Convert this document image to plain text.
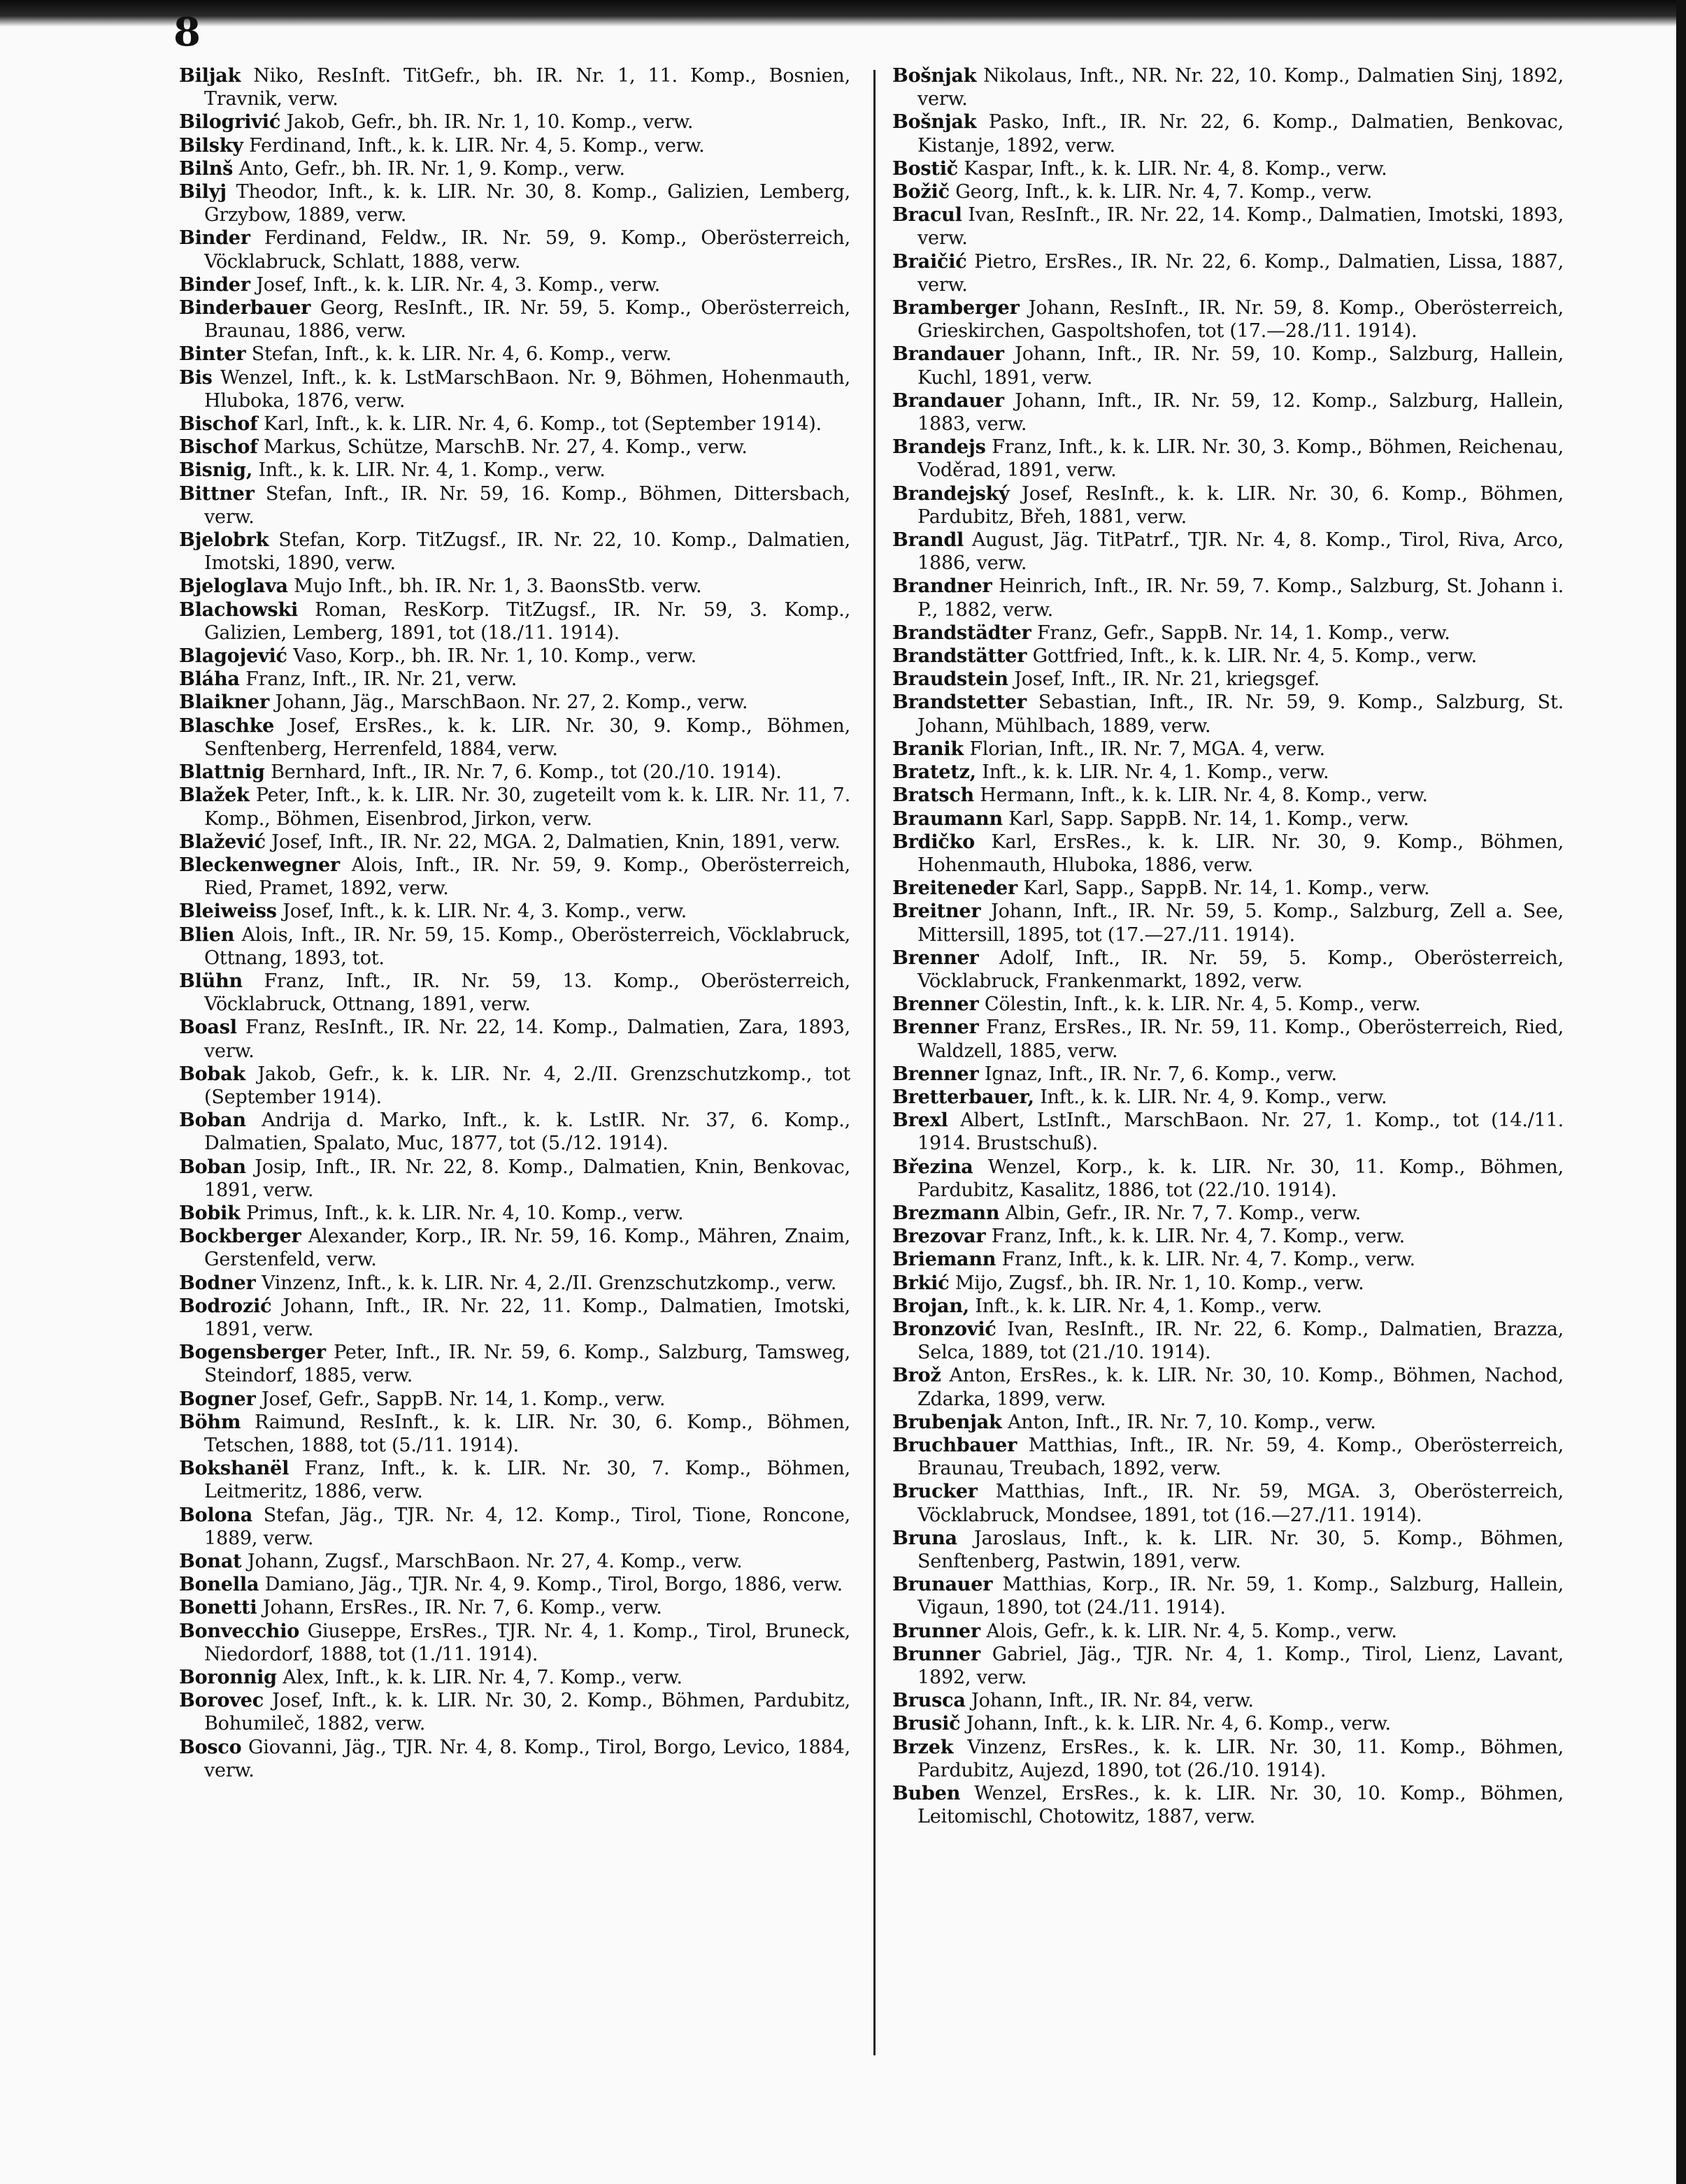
8

Biljak Niko, ResInft. TitGefr., bh. IR. Nr. 1, 11. Komp., Bosnien, Travnik, verw.

Bilogrivić Jakob, Gefr., bh. IR. Nr. 1, 10. Komp., verw.

Bilsky Ferdinand, Inft., k. k. LIR. Nr. 4, 5. Komp., verw.

Bilnš Anto, Gefr., bh. IR. Nr. 1, 9. Komp., verw.

Bilyj Theodor, Inft., k. k. LIR. Nr. 30, 8. Komp., Galizien, Lemberg, Grzybow, 1889, verw.

Binder Ferdinand, Feldw., IR. Nr. 59, 9. Komp., Oberösterreich, Vöcklabruck, Schlatt, 1888, verw.

Binder Josef, Inft., k. k. LIR. Nr. 4, 3. Komp., verw.

Binderbauer Georg, ResInft., IR. Nr. 59, 5. Komp., Oberösterreich, Braunau, 1886, verw.

Binter Stefan, Inft., k. k. LIR. Nr. 4, 6. Komp., verw.

Bis Wenzel, Inft., k. k. LstMarschBaon. Nr. 9, Böhmen, Hohenmauth, Hluboka, 1876, verw.

Bischof Karl, Inft., k. k. LIR. Nr. 4, 6. Komp., tot (September 1914).

Bischof Markus, Schütze, MarschB. Nr. 27, 4. Komp., verw.

Bisnig, Inft., k. k. LIR. Nr. 4, 1. Komp., verw.

Bittner Stefan, Inft., IR. Nr. 59, 16. Komp., Böhmen, Dittersbach, verw.

Bjelobrk Stefan, Korp. TitZugsf., IR. Nr. 22, 10. Komp., Dalmatien, Imotski, 1890, verw.

Bjeloglava Mujo Inft., bh. IR. Nr. 1, 3. BaonsStb. verw.

Blachowski Roman, ResKorp. TitZugsf., IR. Nr. 59, 3. Komp., Galizien, Lemberg, 1891, tot (18./11. 1914).

Blagojević Vaso, Korp., bh. IR. Nr. 1, 10. Komp., verw.

Bláha Franz, Inft., IR. Nr. 21, verw.

Blaikner Johann, Jäg., MarschBaon. Nr. 27, 2. Komp., verw.

Blaschke Josef, ErsRes., k. k. LIR. Nr. 30, 9. Komp., Böhmen, Senftenberg, Herrenfeld, 1884, verw.

Blattnig Bernhard, Inft., IR. Nr. 7, 6. Komp., tot (20./10. 1914).

Blažek Peter, Inft., k. k. LIR. Nr. 30, zugeteilt vom k. k. LIR. Nr. 11, 7. Komp., Böhmen, Eisenbrod, Jirkon, verw.

Blažević Josef, Inft., IR. Nr. 22, MGA. 2, Dalmatien, Knin, 1891, verw.

Bleckenwegner Alois, Inft., IR. Nr. 59, 9. Komp., Oberösterreich, Ried, Pramet, 1892, verw.

Bleiweiss Josef, Inft., k. k. LIR. Nr. 4, 3. Komp., verw.

Blien Alois, Inft., IR. Nr. 59, 15. Komp., Oberösterreich, Vöcklabruck, Ottnang, 1893, tot.

Blühn Franz, Inft., IR. Nr. 59, 13. Komp., Oberösterreich, Vöcklabruck, Ottnang, 1891, verw.

Boasl Franz, ResInft., IR. Nr. 22, 14. Komp., Dalmatien, Zara, 1893, verw.

Bobak Jakob, Gefr., k. k. LIR. Nr. 4, 2./II. Grenzschutzkomp., tot (September 1914).

Boban Andrija d. Marko, Inft., k. k. LstIR. Nr. 37, 6. Komp., Dalmatien, Spalato, Muc, 1877, tot (5./12. 1914).

Boban Josip, Inft., IR. Nr. 22, 8. Komp., Dalmatien, Knin, Benkovac, 1891, verw.

Bobik Primus, Inft., k. k. LIR. Nr. 4, 10. Komp., verw.

Bockberger Alexander, Korp., IR. Nr. 59, 16. Komp., Mähren, Znaim, Gerstenfeld, verw.

Bodner Vinzenz, Inft., k. k. LIR. Nr. 4, 2./II. Grenzschutzkomp., verw.

Bodrozić Johann, Inft., IR. Nr. 22, 11. Komp., Dalmatien, Imotski, 1891, verw.

Bogensberger Peter, Inft., IR. Nr. 59, 6. Komp., Salzburg, Tamsweg, Steindorf, 1885, verw.

Bogner Josef, Gefr., SappB. Nr. 14, 1. Komp., verw.

Böhm Raimund, ResInft., k. k. LIR. Nr. 30, 6. Komp., Böhmen, Tetschen, 1888, tot (5./11. 1914).

Bokshanël Franz, Inft., k. k. LIR. Nr. 30, 7. Komp., Böhmen, Leitmeritz, 1886, verw.

Bolona Stefan, Jäg., TJR. Nr. 4, 12. Komp., Tirol, Tione, Roncone, 1889, verw.

Bonat Johann, Zugsf., MarschBaon. Nr. 27, 4. Komp., verw.

Bonella Damiano, Jäg., TJR. Nr. 4, 9. Komp., Tirol, Borgo, 1886, verw.

Bonetti Johann, ErsRes., IR. Nr. 7, 6. Komp., verw.

Bonvecchio Giuseppe, ErsRes., TJR. Nr. 4, 1. Komp., Tirol, Bruneck, Niedordorf, 1888, tot (1./11. 1914).

Boronnig Alex, Inft., k. k. LIR. Nr. 4, 7. Komp., verw.

Borovec Josef, Inft., k. k. LIR. Nr. 30, 2. Komp., Böhmen, Pardubitz, Bohumileč, 1882, verw.

Bosco Giovanni, Jäg., TJR. Nr. 4, 8. Komp., Tirol, Borgo, Levico, 1884, verw.

Bošnjak Nikolaus, Inft., NR. Nr. 22, 10. Komp., Dalmatien Sinj, 1892, verw.

Bošnjak Pasko, Inft., IR. Nr. 22, 6. Komp., Dalmatien, Benkovac, Kistanje, 1892, verw.

Bostič Kaspar, Inft., k. k. LIR. Nr. 4, 8. Komp., verw.

Božič Georg, Inft., k. k. LIR. Nr. 4, 7. Komp., verw.

Bracul Ivan, ResInft., IR. Nr. 22, 14. Komp., Dalmatien, Imotski, 1893, verw.

Braičić Pietro, ErsRes., IR. Nr. 22, 6. Komp., Dalmatien, Lissa, 1887, verw.

Bramberger Johann, ResInft., IR. Nr. 59, 8. Komp., Oberösterreich, Grieskirchen, Gaspoltshofen, tot (17.—28./11. 1914).

Brandauer Johann, Inft., IR. Nr. 59, 10. Komp., Salzburg, Hallein, Kuchl, 1891, verw.

Brandauer Johann, Inft., IR. Nr. 59, 12. Komp., Salzburg, Hallein, 1883, verw.

Brandejs Franz, Inft., k. k. LIR. Nr. 30, 3. Komp., Böhmen, Reichenau, Voděrad, 1891, verw.

Brandejský Josef, ResInft., k. k. LIR. Nr. 30, 6. Komp., Böhmen, Pardubitz, Břeh, 1881, verw.

Brandl August, Jäg. TitPatrf., TJR. Nr. 4, 8. Komp., Tirol, Riva, Arco, 1886, verw.

Brandner Heinrich, Inft., IR. Nr. 59, 7. Komp., Salzburg, St. Johann i. P., 1882, verw.

Brandstädter Franz, Gefr., SappB. Nr. 14, 1. Komp., verw.

Brandstätter Gottfried, Inft., k. k. LIR. Nr. 4, 5. Komp., verw.

Braudstein Josef, Inft., IR. Nr. 21, kriegsgef.

Brandstetter Sebastian, Inft., IR. Nr. 59, 9. Komp., Salzburg, St. Johann, Mühlbach, 1889, verw.

Branik Florian, Inft., IR. Nr. 7, MGA. 4, verw.

Bratetz, Inft., k. k. LIR. Nr. 4, 1. Komp., verw.

Bratsch Hermann, Inft., k. k. LIR. Nr. 4, 8. Komp., verw.

Braumann Karl, Sapp. SappB. Nr. 14, 1. Komp., verw.

Brdičko Karl, ErsRes., k. k. LIR. Nr. 30, 9. Komp., Böhmen, Hohenmauth, Hluboka, 1886, verw.

Breiteneder Karl, Sapp., SappB. Nr. 14, 1. Komp., verw.

Breitner Johann, Inft., IR. Nr. 59, 5. Komp., Salzburg, Zell a. See, Mittersill, 1895, tot (17.—27./11. 1914).

Brenner Adolf, Inft., IR. Nr. 59, 5. Komp., Oberösterreich, Vöcklabruck, Frankenmarkt, 1892, verw.

Brenner Cölestin, Inft., k. k. LIR. Nr. 4, 5. Komp., verw.

Brenner Franz, ErsRes., IR. Nr. 59, 11. Komp., Oberösterreich, Ried, Waldzell, 1885, verw.

Brenner Ignaz, Inft., IR. Nr. 7, 6. Komp., verw.

Bretterbauer, Inft., k. k. LIR. Nr. 4, 9. Komp., verw.

Brexl Albert, LstInft., MarschBaon. Nr. 27, 1. Komp., tot (14./11. 1914. Brustschuß).

Březina Wenzel, Korp., k. k. LIR. Nr. 30, 11. Komp., Böhmen, Pardubitz, Kasalitz, 1886, tot (22./10. 1914).

Brezmann Albin, Gefr., IR. Nr. 7, 7. Komp., verw.

Brezovar Franz, Inft., k. k. LIR. Nr. 4, 7. Komp., verw.

Briemann Franz, Inft., k. k. LIR. Nr. 4, 7. Komp., verw.

Brkić Mijo, Zugsf., bh. IR. Nr. 1, 10. Komp., verw.

Brojan, Inft., k. k. LIR. Nr. 4, 1. Komp., verw.

Bronzović Ivan, ResInft., IR. Nr. 22, 6. Komp., Dalmatien, Brazza, Selca, 1889, tot (21./10. 1914).

Brož Anton, ErsRes., k. k. LIR. Nr. 30, 10. Komp., Böhmen, Nachod, Zdarka, 1899, verw.

Brubenjak Anton, Inft., IR. Nr. 7, 10. Komp., verw.

Bruchbauer Matthias, Inft., IR. Nr. 59, 4. Komp., Oberösterreich, Braunau, Treubach, 1892, verw.

Brucker Matthias, Inft., IR. Nr. 59, MGA. 3, Oberösterreich, Vöcklabruck, Mondsee, 1891, tot (16.—27./11. 1914).

Bruna Jaroslaus, Inft., k. k. LIR. Nr. 30, 5. Komp., Böhmen, Senftenberg, Pastwin, 1891, verw.

Brunauer Matthias, Korp., IR. Nr. 59, 1. Komp., Salzburg, Hallein, Vigaun, 1890, tot (24./11. 1914).

Brunner Alois, Gefr., k. k. LIR. Nr. 4, 5. Komp., verw.

Brunner Gabriel, Jäg., TJR. Nr. 4, 1. Komp., Tirol, Lienz, Lavant, 1892, verw.

Brusca Johann, Inft., IR. Nr. 84, verw.

Brusič Johann, Inft., k. k. LIR. Nr. 4, 6. Komp., verw.

Brzek Vinzenz, ErsRes., k. k. LIR. Nr. 30, 11. Komp., Böhmen, Pardubitz, Aujezd, 1890, tot (26./10. 1914).

Buben Wenzel, ErsRes., k. k. LIR. Nr. 30, 10. Komp., Böhmen, Leitomischl, Chotowitz, 1887, verw.
